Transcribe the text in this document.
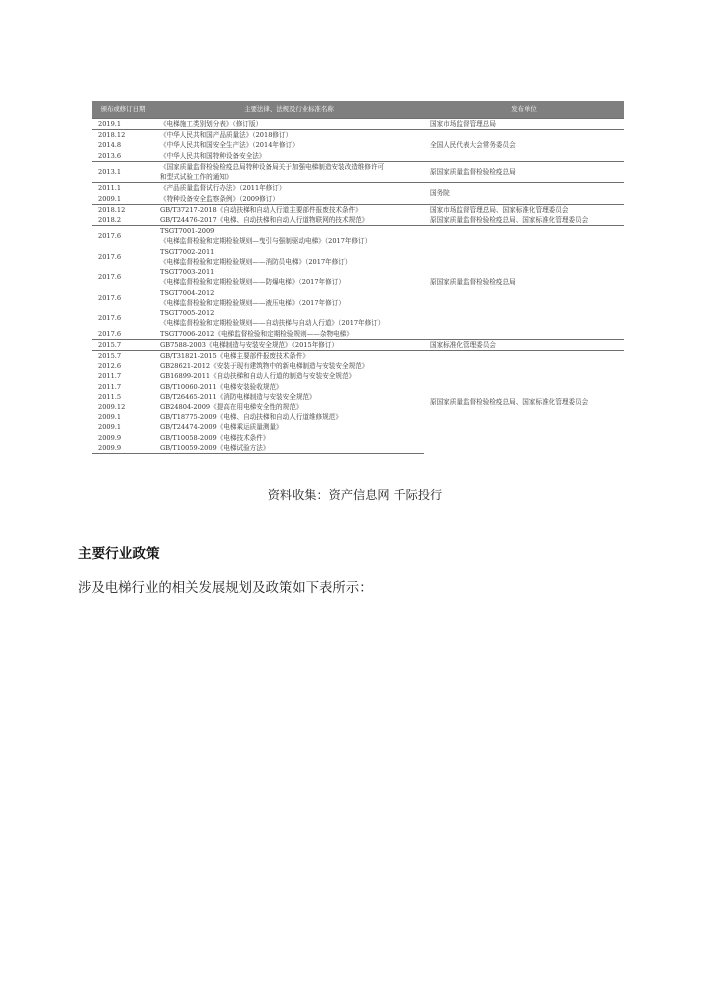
颁布或修订日期	主要法律、法规及行业标准名称	发布单位
2019.1	《电梯施工类别划分表》（修订版）	国家市场监督管理总局
2018.12	《中华人民共和国产品质量法》（2018修订）	全国人民代表大会常务委员会
2014.8	《中华人民共和国安全生产法》（2014年修订）	

2013.6	《中华人民共和国特种设备安全法》	

2013.1	《国家质量监督检验检疫总局特种设备局关于加强电梯制造安装改造维修许可
和型式试验工作的通知》	原国家质量监督检验检疫总局
2011.1	《产品质量监督试行办法》（2011年修订）	国务院
2009.1	《特种设备安全监察条例》（2009修订）	

2018.12	GB/T37217-2018《自动扶梯和自动人行道主要部件报废技术条件》	国家市场监督管理总局、国家标准化管理委员会
2018.2	GB/T24476-2017《电梯、自动扶梯和自动人行道物联网的技术规范》	原国家质量监督检验检疫总局、国家标准化管理委员会
2017.6	TSGT7001-2009
《电梯监督检验和定期检验规则—曳引与强制驱动电梯》（2017年修订）	原国家质量监督检验检疫总局
2017.6	TSGT7002-2011
《电梯监督检验和定期检验规则——消防员电梯》（2017年修订）	

2017.6	TSGT7003-2011
《电梯监督检验和定期检验规则——防爆电梯》（2017年修订）	

2017.6	TSGT7004-2012
《电梯监督检验和定期检验规则——液压电梯》（2017年修订）	

2017.6	TSGT7005-2012
《电梯监督检验和定期检验规则——自动扶梯与自动人行道》（2017年修订）	

2017.6	TSGT7006-2012《电梯监督检验和定期检验规则——杂物电梯》	

2015.7	GB7588-2003《电梯制造与安装安全规范》（2015年修订）	国家标准化管理委员会
2015.7	GB/T31821-2015《电梯主要部件报废技术条件》	原国家质量监督检验检疫总局、国家标准化管理委员会
2012.6	GB28621-2012《安装于现有建筑物中的新电梯制造与安装安全规范》	

2011.7	GB16899-2011《自动扶梯和自动人行道的制造与安装安全规范》	

2011.7	GB/T10060-2011《电梯安装验收规范》	

2011.5	GB/T26465-2011《消防电梯制造与安装安全规范》	

2009.12	GB24804-2009《提高在用电梯安全性的规范》	

2009.1	GB/T18775-2009《电梯、自动扶梯和自动人行道维修规范》	

2009.1	GB/T24474-2009《电梯乘运质量测量》	

2009.9	GB/T10058-2009《电梯技术条件》	

2009.9	GB/T10059-2009《电梯试验方法》	
资料收集：资产信息网 千际投行
主要行业政策
涉及电梯行业的相关发展规划及政策如下表所示：
